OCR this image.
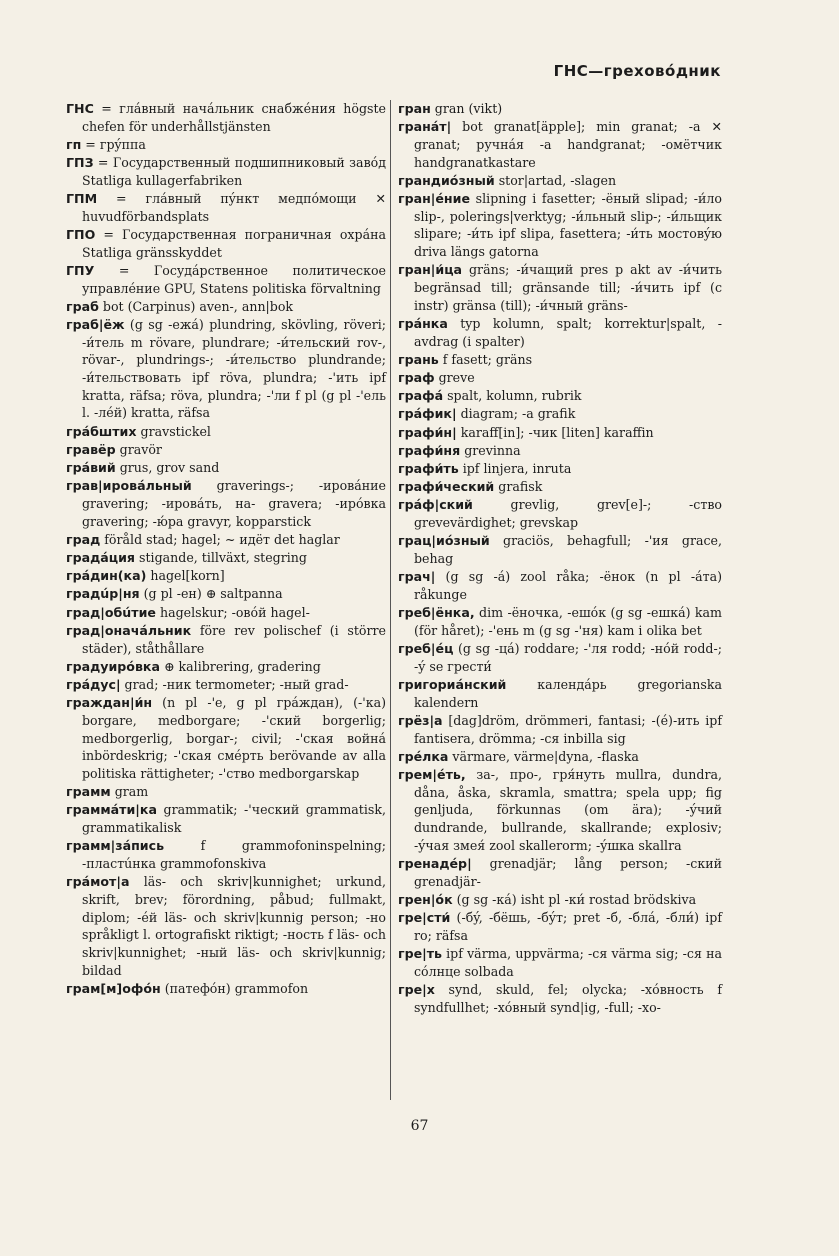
ГНС—греховóдник
ГНС = глáвный начáльник снабжéния högste chefen för underhållstjänsten
гп = грýппа
ГПЗ = Государственный подшипниковый завóд Statliga kullagerfabriken
ГПМ = глáвный пýнкт медпóмощи ✕ huvudförbandsplats
ГПО = Государственная пограничная охрáна Statliga gränsskyddet
ГПУ = Госудáрственное политическое управлéние GPU, Statens politiska förvaltning
граб bot (Carpinus) aven-, ann|bok
граб|ёж (g sg -ежá) plundring, skövling, röveri; -и́тель m rövare, plundrare; -и́тельский rov-, rövar-, plundrings-; -и́тельство plundrande; -и́тельствовать ipf röva, plundra; -'ить ipf kratta, räfsa; röva, plundra; -'ли f pl (g pl -'ель l. -лéй) kratta, räfsa
грáбштих gravstickel
гравёр gravör
грáвий grus, grov sand
грав|ировáльный graverings-; -ировáние gravering; -ировáть, на- gravera; -ирóвка gravering; -ю́ра gravyr, kopparstick
град föråld stad; hagel; ~ идёт det haglar
градáция stigande, tillväxt, stegring
грáдин(ка) hagel[korn]
градúр|ня (g pl -ен) ⊕ saltpanna
град|обúтие hagelskur; -овóй hagel-
град|оначáльник före rev polischef (i större städer), ståthållare
градуирóвка ⊕ kalibrering, gradering
грáдус| grad; -ник termometer; -ный grad-
граждан|и́н (n pl -'е, g pl грáждан), (-'ка) borgare, medborgare; -'ский borgerlig; medborgerlig, borgar-; civil; -'ская войнá inbördeskrig; -'ская смéрть berövande av alla politiska rättigheter; -'ство medborgarskap
грамм gram
граммáти|ка grammatik; -'ческий grammatisk, grammatikalisk
грамм|зáпись f grammofoninspelning; -пластúнка grammofonskiva
грáмот|а läs- och skriv|kunnighet; urkund, skrift, brev; förordning, påbud; fullmakt, diplom; -éй läs- och skriv|kunnig person; -но språkligt l. ortografiskt riktigt; -ность f läs- och skriv|kunnighet; -ный läs- och skriv|kunnig; bildad
грам[м]офóн (патефóн) grammofon
гран gran (vikt)
гранáт| bot granat[äpple]; min granat; -а ✕ granat; ручнáя -а handgranat; -омётчик handgranatkastare
грандиóзный stor|artad, -slagen
гран|éние slipning i fasetter; -ёный slipad; -и́ло slip-, polerings|verktyg; -и́льный slip-; -и́льщик slipare; -и́ть ipf slipa, fasettera; -и́ть мостовýю driva längs gatorna
гран|и́ца gräns; -и́чащий pres p akt av -и́чить begränsad till; gränsande till; -и́чить ipf (c instr) gränsa (till); -и́чный gräns-
грáнка typ kolumn, spalt; korrektur|spalt, -avdrag (i spalter)
грань f fasett; gräns
граф greve
графá spalt, kolumn, rubrik
грáфик| diagram; -а grafik
графи́н| karaff[in]; -чик [liten] karaffin
графи́ня grevinna
графи́ть ipf linjera, inruta
графи́ческий grafisk
грáф|ский grevlig, grev[e]-; -ство grevevärdighet; grevskap
грац|иóзный graciös, behagfull; -'ия grace, behag
грач| (g sg -á) zool råka; -ёнок (n pl -áта) råkunge
греб|ёнка, dim -ёночка, -ешóк (g sg -ешкá) kam (för håret); -'ень m (g sg -'ня) kam i olika bet
греб|éц (g sg -цá) roddare; -'ля rodd; -нóй rodd-; -ý se грести́
григориáнский календáрь gregorianska kalendern
грёз|а [dag]dröm, drömmeri, fantasi; -(é)-ить ipf fantisera, drömma; -ся inbilla sig
грéлка värmare, värme|dyna, -flaska
грем|éть, за-, про-, гря́нуть mullra, dundra, dåna, åska, skramla, smattra; spela upp; fig genljuda, förkunnas (om ära); -ýчий dundrande, bullrande, skallrande; explosiv; -ýчая змея́ zool skallerorm; -ýшка skallra
гренадéр| grenadjär; lång person; -ский grenadjär-
грен|óк (g sg -кá) isht pl -ки́ rostad brödskiva
гре|сти́ (-бý, -бёшь, -бýт; pret -б, -блá, -бли́) ipf ro; räfsa
гре|ть ipf värma, uppvärma; -ся värma sig; -ся на сóлнце solbada
гре|х synd, skuld, fel; olycka; -хóвность f syndfullhet; -хóвный synd|ig, -full; -хо-
67
